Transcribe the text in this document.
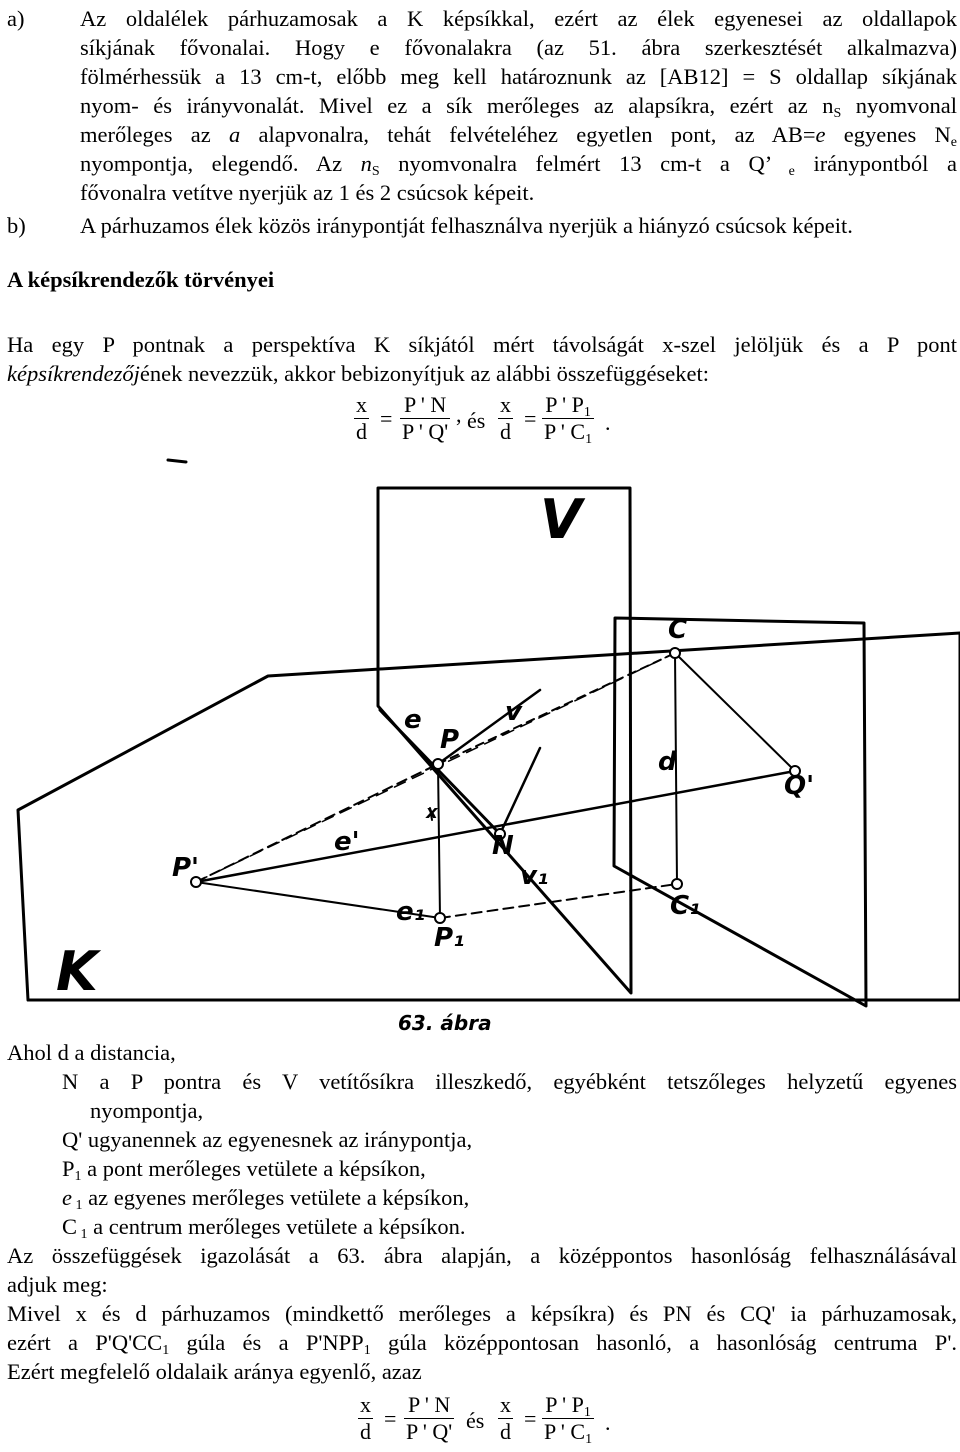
a) Az oldalélek párhuzamosak a K képsíkkal, ezért az élek egyenesei az oldallapok
síkjának fővonalai. Hogy e fővonalakra (az 51. ábra szerkesztését alkalmazva)
fölmérhessük a 13 cm-t, előbb meg kell határoznunk az [AB12] = S oldallap síkjának
nyom- és irányvonalát. Mivel ez a sík merőleges az alapsíkra, ezért az $n_S$ nyomvonal
merőleges az a alapvonalra, tehát felvételéhez egyetlen pont, az AB=e egyenes $N_e$
nyompontja, elegendő. Az $n_S$ nyomvonalra felmért 13 cm-t a Q’ $_e$ iránypontból a
fővonalra vetítve nyerjük az 1 és 2 csúcsok képeit.
b) A párhuzamos élek közös iránypontját felhasználva nyerjük a hiányzó csúcsok képeit.
A képsíkrendezők törvényei
Ha egy P pontnak a perspektíva K síkjától mért távolságát x-szel jelöljük és a P pont
képsíkrendezőjének nevezzük, akkor bebizonyítjuk az alábbi összefüggéseket:
x
d
=
P ' N
P ' Q'
, és
x
d
=
P ' $P_1$
P ' $C_1$
.
V
C
e
P
v
d
Q'
x
e'	N
P'	v₁
e₁
P₁
C₁
K
63. ábra
Ahol d a distancia,
N a P pontra és V vetítősíkra illeszkedő, egyébként tetszőleges helyzetű egyenes
nyompontja,
Q' ugyanennek az egyenesnek az iránypontja,
$P_1$ a pont merőleges vetülete a képsíkon,
e $_1$ az egyenes merőleges vetülete a képsíkon,
C $_1$ a centrum merőleges vetülete a képsíkon.
Az összefüggések igazolását a 63. ábra alapján, a középpontos hasonlóság felhasználásával
adjuk meg:
Mivel x és d párhuzamos (mindkettő merőleges a képsíkra) és PN és CQ' ia párhuzamosak,
ezért a $P'Q'CC_1$ gúla és a $P'NPP_1$ gúla középpontosan hasonló, a hasonlóság centruma P'.
Ezért megfelelő oldalaik aránya egyenlő, azaz
x
d
=
P ' N
P ' Q' és
x
d
=
P ' $P_1$
P ' $C_1$
.
